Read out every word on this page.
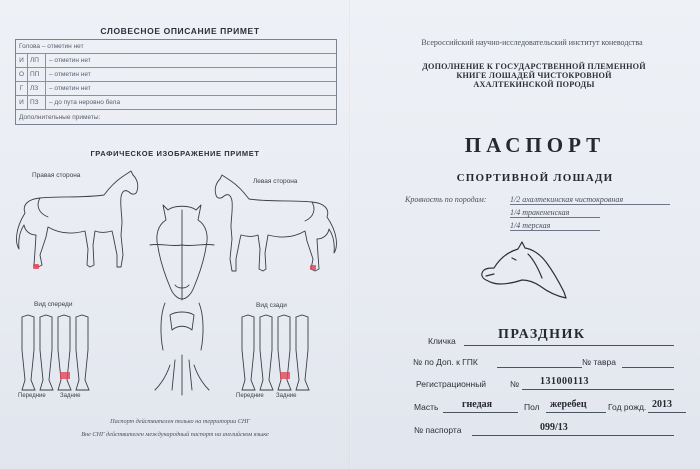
СЛОВЕСНОЕ ОПИСАНИЕ ПРИМЕТ
Голова – отметин нет
И ЛП	– отметин нет
О ПП	– отметин нет
Г	ЛЗ	– отметин нет
И ПЗ	– до пута неровно бела
Дополнительные приметы:
ГРАФИЧЕСКОЕ ИЗОБРАЖЕНИЕ ПРИМЕТ
Правая сторона
Левая сторона
Вид спереди	Вид сзади
Передние Задние	Передние Задние
Паспорт действителен только на территории СНГ
Вне СНГ действителен международный паспорт на английском языке
Всероссийский научно-исследовательский институт коневодства
ДОПОЛНЕНИЕ К ГОСУДАРСТВЕННОЙ ПЛЕМЕННОЙ
КНИГЕ ЛОШАДЕЙ ЧИСТОКРОВНОЙ
АХАЛТЕКИНСКОЙ ПОРОДЫ
ПАСПОРТ
СПОРТИВНОЙ ЛОШАДИ
Кровность по породам:	1/2 ахалтекинская чистокровная
1/4 тракененская
1/4 терская
Кличка	ПРАЗДНИК
№ по Доп. к ГПК	№ тавра
Регистрационный	№ 131000113
Масть гнедая	Пол жеребец	Год рожд. 2013
№ паспорта	099/13
